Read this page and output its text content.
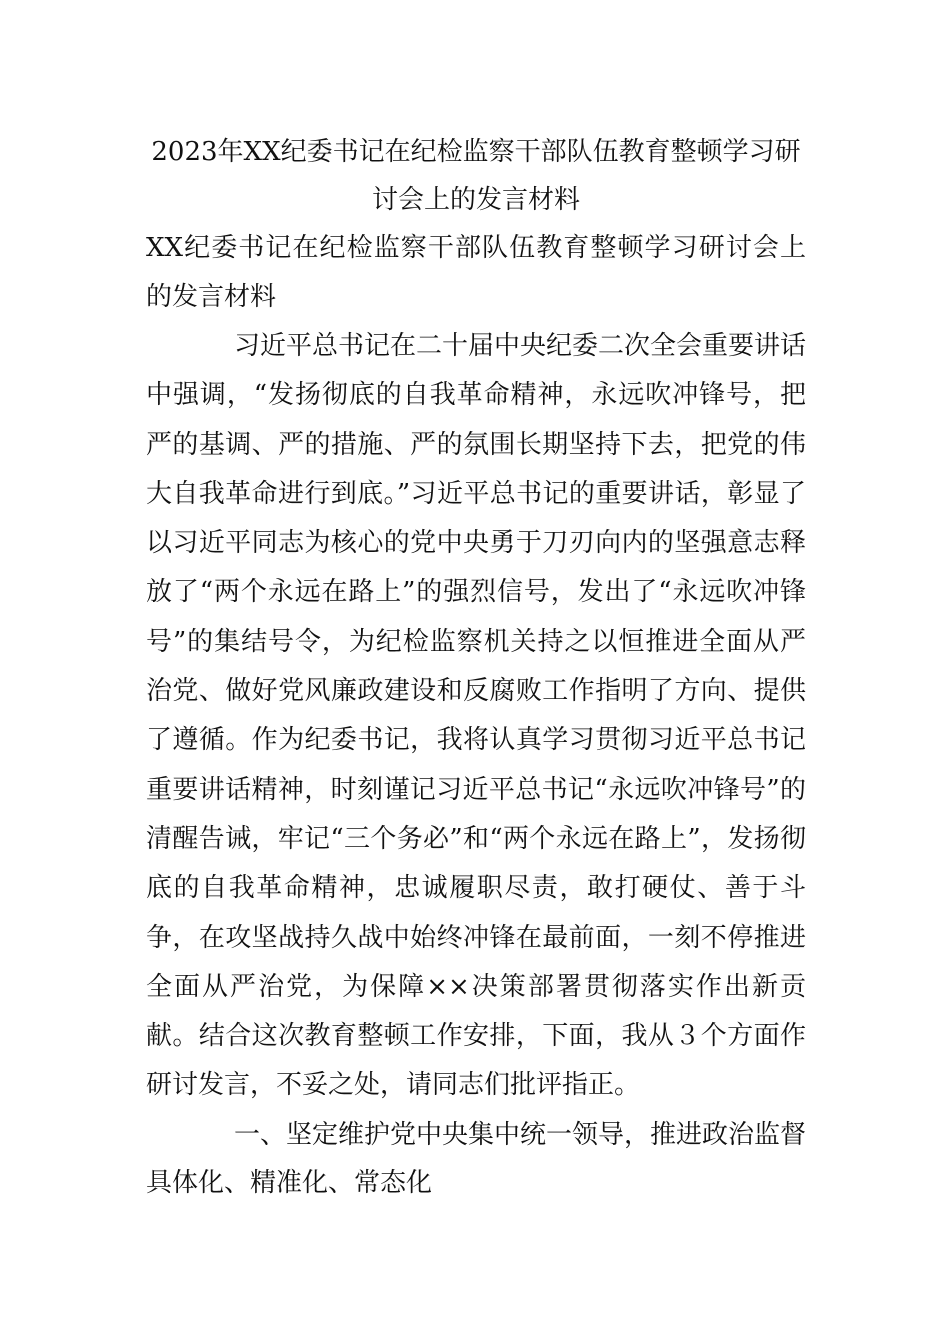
2023年XX纪委书记在纪检监察干部队伍教育整顿学习研讨会上的发言材料

XX纪委书记在纪检监察干部队伍教育整顿学习研讨会上的发言材料

习近平总书记在二十届中央纪委二次全会重要讲话中强调，“发扬彻底的自我革命精神，永远吹冲锋号，把严的基调、严的措施、严的氛围长期坚持下去，把党的伟大自我革命进行到底。”习近平总书记的重要讲话，彰显了以习近平同志为核心的党中央勇于刀刃向内的坚强意志释放了“两个永远在路上”的强烈信号，发出了“永远吹冲锋号”的集结号令，为纪检监察机关持之以恒推进全面从严治党、做好党风廉政建设和反腐败工作指明了方向、提供了遵循。作为纪委书记，我将认真学习贯彻习近平总书记重要讲话精神，时刻谨记习近平总书记“永远吹冲锋号”的清醒告诫，牢记“三个务必”和“两个永远在路上”，发扬彻底的自我革命精神，忠诚履职尽责，敢打硬仗、善于斗争，在攻坚战持久战中始终冲锋在最前面，一刻不停推进全面从严治党，为保障××决策部署贯彻落实作出新贡献。结合这次教育整顿工作安排，下面，我从３个方面作研讨发言，不妥之处，请同志们批评指正。

一、坚定维护党中央集中统一领导，推进政治监督具体化、精准化、常态化
